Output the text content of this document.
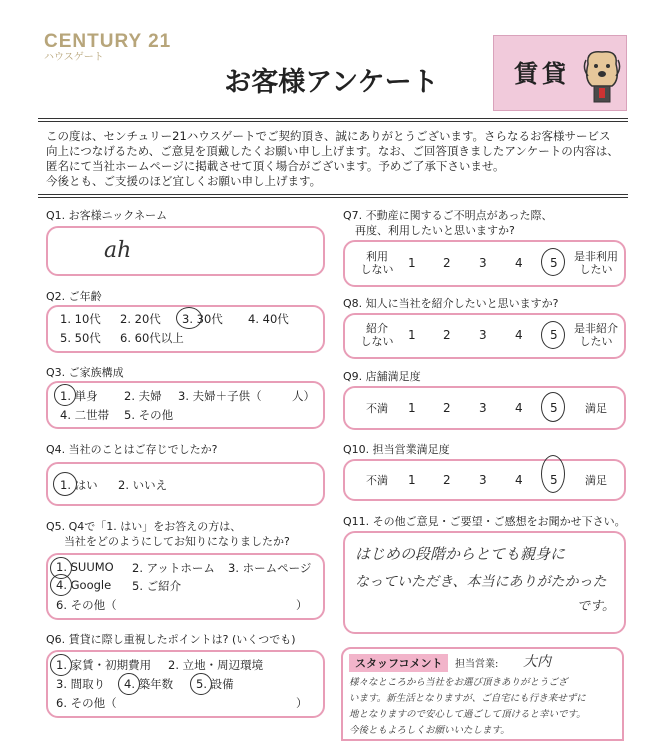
CENTURY 21
ハウスゲート
お客様アンケート	賃貸
この度は、センチュリー21ハウスゲートでご契約頂き、誠にありがとうございます。さらなるお客様サービス
向上につなげるため、ご意見を頂戴したくお願い申し上げます。なお、ご回答頂きましたアンケートの内容は、
匿名にて当社ホームページに掲載させて頂く場合がございます。予めご了承下さいませ。
今後とも、ご支援のほど宜しくお願い申し上げます。
Q1. お客様ニックネーム
ah
Q2. ご年齢
1. 10代 2. 20代 3. 30代 4. 40代
5. 50代 6. 60代以上
Q3. ご家族構成
1. 単身 2. 夫婦 3. 夫婦＋子供（	人）
4. 二世帯 5. その他
Q4. 当社のことはご存じでしたか?
1. はい 2. いいえ
Q5. Q4で「1. はい」をお答えの方は、
当社をどのようにしてお知りになりましたか?
1. SUUMO 2. アットホーム 3. ホームページ
4. Google 5. ご紹介
6. その他（	）
Q6. 賃貸に際し重視したポイントは? (いくつでも)
1. 家賃・初期費用 2. 立地・周辺環境
3. 間取り 4. 築年数 5. 設備
6. その他（	）
Q7. 不動産に関するご不明点があった際、
再度、利用したいと思いますか?
利用
しない 1 2 3 4 5 是非利用
したい
Q8. 知人に当社を紹介したいと思いますか?
紹介
しない 1 2 3 4 5 是非紹介
したい
Q9. 店舗満足度
不満	1 2 3 4 5	満足
Q10. 担当営業満足度
不満	1 2 3 4 5	満足
Q11. その他ご意見・ご要望・ご感想をお聞かせ下さい。
はじめの段階からとても親身に
なっていただき、本当にありがたかった
です。
スタッフコメント	担当営業: 大内
様々なところから当社をお選び頂きありがとうござ
います。新生活となりますが、ご自宅にも行き来せずに
地となりますので安心して過ごして頂けると幸いです。
今後ともよろしくお願いいたします。
